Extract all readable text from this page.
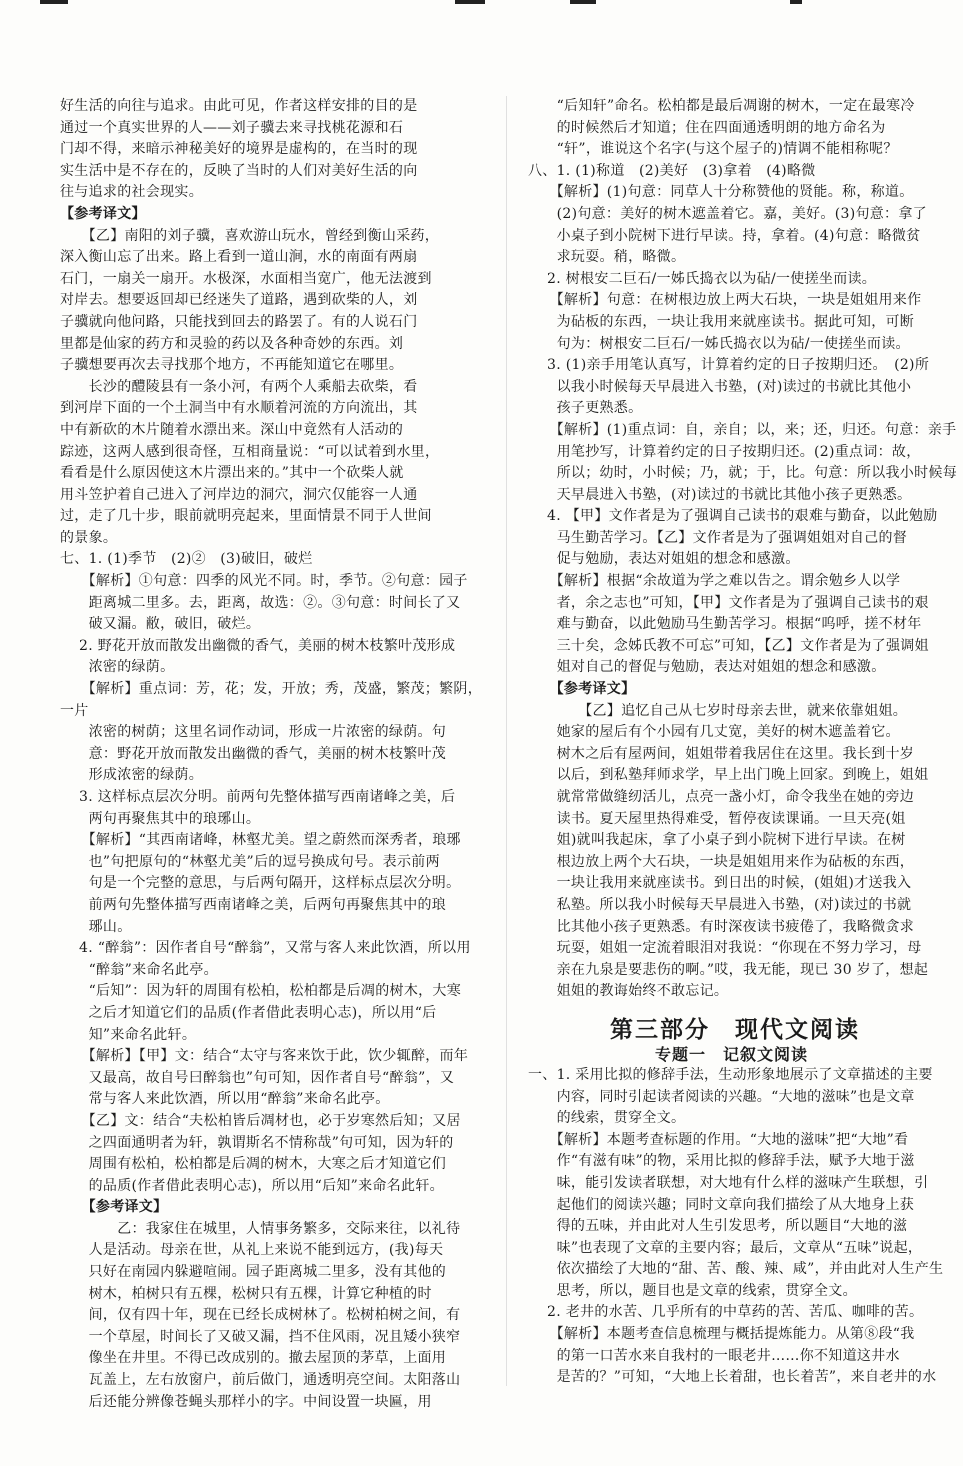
好生活的向往与追求。由此可见，作者这样安排的目的是
通过一个真实世界的人——刘子骥去来寻找桃花源和石
门却不得，来暗示神秘美好的境界是虚构的，在当时的现
实生活中是不存在的，反映了当时的人们对美好生活的向
往与追求的社会现实。

【参考译文】

　　【乙】南阳的刘子骥，喜欢游山玩水，曾经到衡山采药，
深入衡山忘了出来。路上看到一道山涧，水的南面有两扇
石门，一扇关一扇开。水极深，水面相当宽广，他无法渡到
对岸去。想要返回却已经迷失了道路，遇到砍柴的人，刘
子骥就向他问路，只能找到回去的路罢了。有的人说石门
里都是仙家的药方和灵验的药以及各种奇妙的东西。刘
子骥想要再次去寻找那个地方，不再能知道它在哪里。
　　长沙的醴陵县有一条小河，有两个人乘船去砍柴，看
到河岸下面的一个土洞当中有水顺着河流的方向流出，其
中有新砍的木片随着水漂出来。深山中竟然有人活动的
踪迹，这两人感到很奇怪，互相商量说：“可以试着到水里，
看看是什么原因使这木片漂出来的。”其中一个砍柴人就
用斗笠护着自己进入了河岸边的洞穴，洞穴仅能容一人通
过，走了几十步，眼前就明亮起来，里面情景不同于人世间
的景象。

七、1. (1)季节　(2)②　(3)破旧，破烂

　　【解析】①句意：四季的风光不同。时，季节。②句意：园子
　　距离城二里多。去，距离，故选：②。③句意：时间长了又
　　破又漏。敝，破旧，破烂。

　 2. 野花开放而散发出幽微的香气，美丽的树木枝繁叶茂形成
　　浓密的绿荫。

　　【解析】重点词：芳，花；发，开放；秀，茂盛，繁茂；繁阴，一片
　　浓密的树荫；这里名词作动词，形成一片浓密的绿荫。句
　　意：野花开放而散发出幽微的香气，美丽的树木枝繁叶茂
　　形成浓密的绿荫。

　 3. 这样标点层次分明。前两句先整体描写西南诸峰之美，后
　　两句再聚焦其中的琅琊山。

　　【解析】“其西南诸峰，林壑尤美。望之蔚然而深秀者，琅琊
　　也”句把原句的“林壑尤美”后的逗号换成句号。表示前两
　　句是一个完整的意思，与后两句隔开，这样标点层次分明。
　　前两句先整体描写西南诸峰之美，后两句再聚焦其中的琅
　　琊山。

　 4. “醉翁”：因作者自号“醉翁”，又常与客人来此饮酒，所以用
　　“醉翁”来命名此亭。
　　“后知”：因为轩的周围有松柏，松柏都是后凋的树木，大寒
　　之后才知道它们的品质(作者借此表明心志)，所以用“后
　　知”来命名此轩。

　　【解析】【甲】文：结合“太守与客来饮于此，饮少辄醉，而年
　　又最高，故自号曰醉翁也”句可知，因作者自号“醉翁”，又
　　常与客人来此饮酒，所以用“醉翁”来命名此亭。
　　【乙】文：结合“夫松柏皆后凋材也，必于岁寒然后知；又居
　　之四面通明者为轩，孰谓斯名不情称哉”句可知，因为轩的
　　周围有松柏，松柏都是后凋的树木，大寒之后才知道它们
　　的品质(作者借此表明心志)，所以用“后知”来命名此轩。

　　【参考译文】

　　　　乙：我家住在城里，人情事务繁多，交际来往，以礼待
　　人是活动。母亲在世，从礼上来说不能到远方，(我)每天
　　只好在南园内躲避喧闹。园子距离城二里多，没有其他的
　　树木，柏树只有五棵，松树只有五棵，计算它种植的时
　　间，仅有四十年，现在已经长成树林了。松树柏树之间，有
　　一个草屋，时间长了又破又漏，挡不住风雨，况且矮小狭窄
　　像坐在井里。不得已改成别的。撤去屋顶的茅草，上面用
　　瓦盖上，左右放窗户，前后做门，通透明亮空间。太阳落山
　　后还能分辨像苍蝇头那样小的字。中间设置一块匾，用

　　“后知轩”命名。松柏都是最后凋谢的树木，一定在最寒冷
　　的时候然后才知道；住在四面通透明朗的地方命名为
　　“轩”，谁说这个名字(与这个屋子的)情调不能相称呢？

八、1. (1)称道　(2)美好　(3)拿着　(4)略微

　　【解析】(1)句意：同草人十分称赞他的贤能。称，称道。
　　(2)句意：美好的树木遮盖着它。嘉，美好。(3)句意：拿了
　　小桌子到小院树下进行早读。持，拿着。(4)句意：略微贫
　　求玩耍。稍，略微。

　 2. 树根安二巨石/一姊氏捣衣以为砧/一使搓坐而读。

　　【解析】句意：在树根边放上两大石块，一块是姐姐用来作
　　为砧板的东西，一块让我用来就座读书。据此可知，可断
　　句为：树根安二巨石/一姊氏捣衣以为砧/一使搓坐而读。

　 3. (1)亲手用笔认真写，计算着约定的日子按期归还。　(2)所
　　以我小时候每天早晨进入书塾，(对)读过的书就比其他小
　　孩子更熟悉。

　　【解析】(1)重点词：自，亲自；以，来；还，归还。句意：亲手
　　用笔抄写，计算着约定的日子按期归还。(2)重点词：故，
　　所以；幼时，小时候；乃，就；于，比。句意：所以我小时候每
　　天早晨进入书塾，(对)读过的书就比其他小孩子更熟悉。

　 4. 【甲】文作者是为了强调自己读书的艰难与勤奋，以此勉励
　　马生勤苦学习。【乙】文作者是为了强调姐姐对自己的督
　　促与勉励，表达对姐姐的想念和感激。

　　【解析】根据“余故道为学之难以告之。谓余勉乡人以学
　　者，余之志也”可知，【甲】文作者是为了强调自己读书的艰
　　难与勤奋，以此勉励马生勤苦学习。根据“呜呼，搓不材年
　　三十矣，念姊氏教不可忘”可知，【乙】文作者是为了强调姐
　　姐对自己的督促与勉励，表达对姐姐的想念和感激。

　　【参考译文】

　　　　【乙】追忆自己从七岁时母亲去世，就来依靠姐姐。
　　她家的屋后有个小园有几丈宽，美好的树木遮盖着它。
　　树木之后有屋两间，姐姐带着我居住在这里。我长到十岁
　　以后，到私塾拜师求学，早上出门晚上回家。到晚上，姐姐
　　就常常做缝纫活儿，点亮一盏小灯，命令我坐在她的旁边
　　读书。夏天屋里热得难受，暂停夜读课诵。一旦天亮(姐
　　姐)就叫我起床，拿了小桌子到小院树下进行早读。在树
　　根边放上两个大石块，一块是姐姐用来作为砧板的东西，
　　一块让我用来就座读书。到日出的时候，(姐姐)才送我入
　　私塾。所以我小时候每天早晨进入书塾，(对)读过的书就
　　比其他小孩子更熟悉。有时深夜读书疲倦了，我略微贪求
　　玩耍，姐姐一定流着眼泪对我说：“你现在不努力学习，母
　　亲在九泉是要悲伤的啊。”哎，我无能，现已 30 岁了，想起
　　姐姐的教诲始终不敢忘记。

一、1. 采用比拟的修辞手法，生动形象地展示了文章描述的主要
　　内容，同时引起读者阅读的兴趣。“大地的滋味”也是文章
　　的线索，贯穿全文。

　　【解析】本题考查标题的作用。“大地的滋味”把“大地”看
　　作“有滋有味”的物，采用比拟的修辞手法，赋予大地于滋
　　味，能引发读者联想，对大地有什么样的滋味产生联想，引
　　起他们的阅读兴趣；同时文章向我们描绘了从大地身上获
　　得的五味，并由此对人生引发思考，所以题目“大地的滋
　　味”也表现了文章的主要内容；最后，文章从“五味”说起，
　　依次描绘了大地的“甜、苦、酸、辣、咸”，并由此对人生产生
　　思考，所以，题目也是文章的线索，贯穿全文。

　 2. 老井的水苦、几乎所有的中草药的苦、苦瓜、咖啡的苦。

　　【解析】本题考查信息梳理与概括提炼能力。从第⑧段“我
　　的第一口苦水来自我村的一眼老井……你不知道这井水
　　是苦的？”可知，“大地上长着甜，也长着苦”，来自老井的水

第三部分　现代文阅读
专题一　记叙文阅读
